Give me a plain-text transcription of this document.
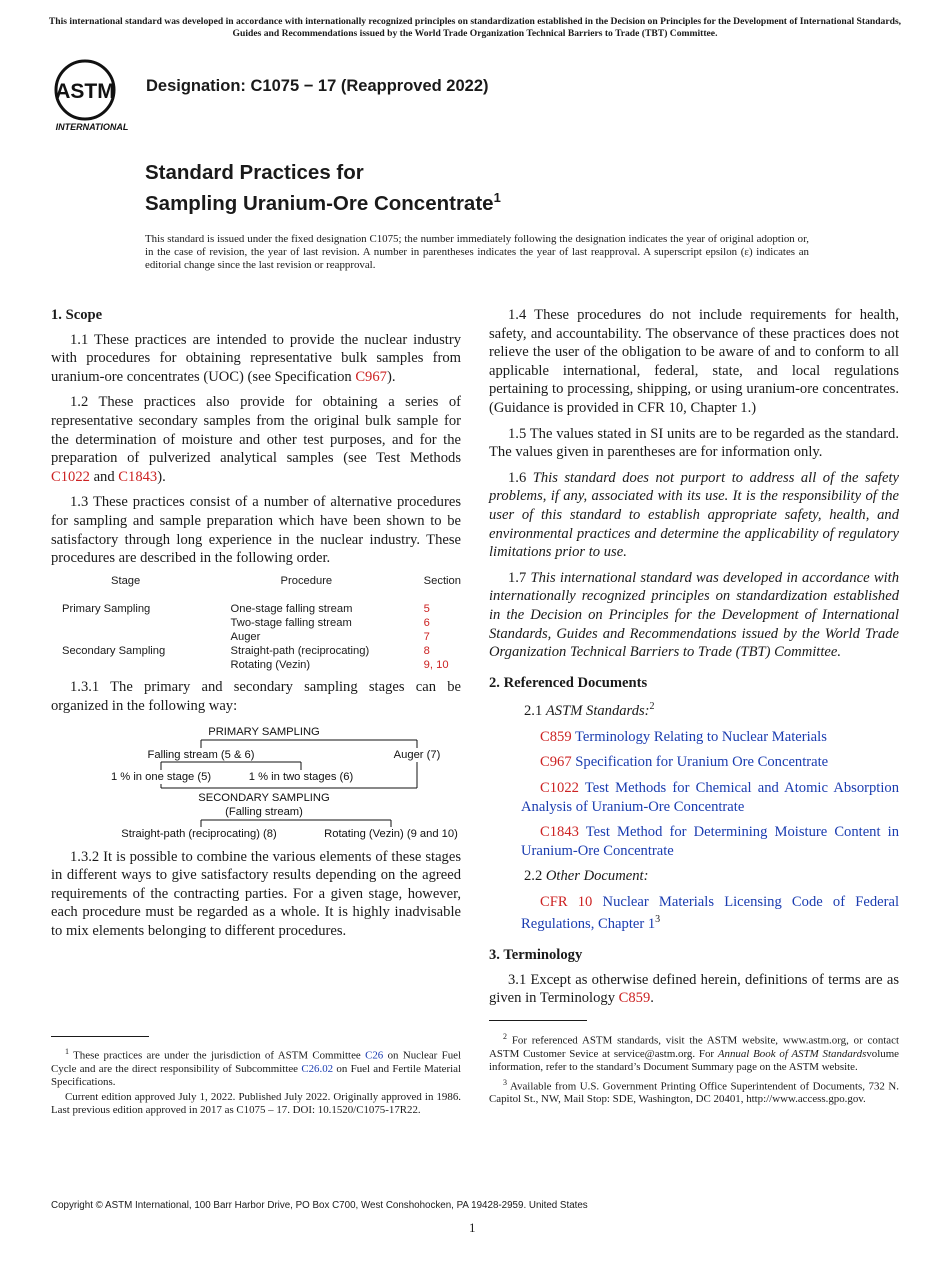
This international standard was developed in accordance with internationally recognized principles on standardization established in the Decision on Principles for the Development of International Standards, Guides and Recommendations issued by the World Trade Organization Technical Barriers to Trade (TBT) Committee.
ASTM
INTERNATIONAL
Designation: C1075 − 17 (Reapproved 2022)
Standard Practices for
Sampling Uranium-Ore Concentrate$^1$
This standard is issued under the fixed designation C1075; the number immediately following the designation indicates the year of original adoption or, in the case of revision, the year of last revision. A number in parentheses indicates the year of last reapproval. A superscript epsilon (ε) indicates an editorial change since the last revision or reapproval.
1. Scope

1.1 These practices are intended to provide the nuclear industry with procedures for obtaining representative bulk samples from uranium-ore concentrates (UOC) (see Specification C967).

1.2 These practices also provide for obtaining a series of representative secondary samples from the original bulk sample for the determination of moisture and other test purposes, and for the preparation of pulverized analytical samples (see Test Methods C1022 and C1843).

1.3 These practices consist of a number of alternative procedures for sampling and sample preparation which have been shown to be satisfactory through long experience in the nuclear industry. These procedures are described in the following order.

Stage	Procedure	Section
Primary Sampling	One-stage falling stream	5
	Two-stage falling stream	6
	Auger	7
Secondary Sampling	Straight-path (reciprocating)	8
	Rotating (Vezin)	9, 10

1.3.1 The primary and secondary sampling stages can be organized in the following way:

PRIMARY SAMPLING
Falling stream (5 & 6)	Auger (7)
1 % in one stage (5)	1 % in two stages (6)
SECONDARY SAMPLING
(Falling stream)
Straight-path (reciprocating) (8)	Rotating (Vezin) (9 and 10)

1.3.2 It is possible to combine the various elements of these stages in different ways to give satisfactory results depending on the agreed requirements of the contracting parties. For a given stage, however, each procedure must be regarded as a whole. It is highly inadvisable to mix elements belonging to different procedures.

1.4 These procedures do not include requirements for health, safety, and accountability. The observance of these practices does not relieve the user of the obligation to be aware of and to conform to all applicable international, federal, state, and local regulations pertaining to processing, shipping, or using uranium-ore concentrates. (Guidance is provided in CFR 10, Chapter 1.)

1.5 The values stated in SI units are to be regarded as the standard. The values given in parentheses are for information only.

1.6 This standard does not purport to address all of the safety problems, if any, associated with its use. It is the responsibility of the user of this standard to establish appropriate safety, health, and environmental practices and determine the applicability of regulatory limitations prior to use.

1.7 This international standard was developed in accordance with internationally recognized principles on standardization established in the Decision on Principles for the Development of International Standards, Guides and Recommendations issued by the World Trade Organization Technical Barriers to Trade (TBT) Committee.

2. Referenced Documents

2.1 ASTM Standards:$^2$

C859 Terminology Relating to Nuclear Materials

C967 Specification for Uranium Ore Concentrate

C1022 Test Methods for Chemical and Atomic Absorption Analysis of Uranium-Ore Concentrate

C1843 Test Method for Determining Moisture Content in Uranium-Ore Concentrate

2.2 Other Document:

CFR 10 Nuclear Materials Licensing Code of Federal Regulations, Chapter $1^3$

3. Terminology

3.1 Except as otherwise defined herein, definitions of terms are as given in Terminology C859.

$^1$ These practices are under the jurisdiction of ASTM Committee C26 on Nuclear Fuel Cycle and are the direct responsibility of Subcommittee C26.02 on Fuel and Fertile Material Specifications.

Current edition approved July 1, 2022. Published July 2022. Originally approved in 1986. Last previous edition approved in 2017 as C1075 – 17. DOI: 10.1520/C1075-17R22.

$^2$ For referenced ASTM standards, visit the ASTM website, www.astm.org, or contact ASTM Customer Sevice at service@astm.org. For Annual Book of ASTM Standardsvolume information, refer to the standard’s Document Summary page on the ASTM website.

$^3$ Available from U.S. Government Printing Office Superintendent of Documents, 732 N. Capitol St., NW, Mail Stop: SDE, Washington, DC 20401, http://www.access.gpo.gov.

Copyright © ASTM International, 100 Barr Harbor Drive, PO Box C700, West Conshohocken, PA 19428-2959. United States
1
